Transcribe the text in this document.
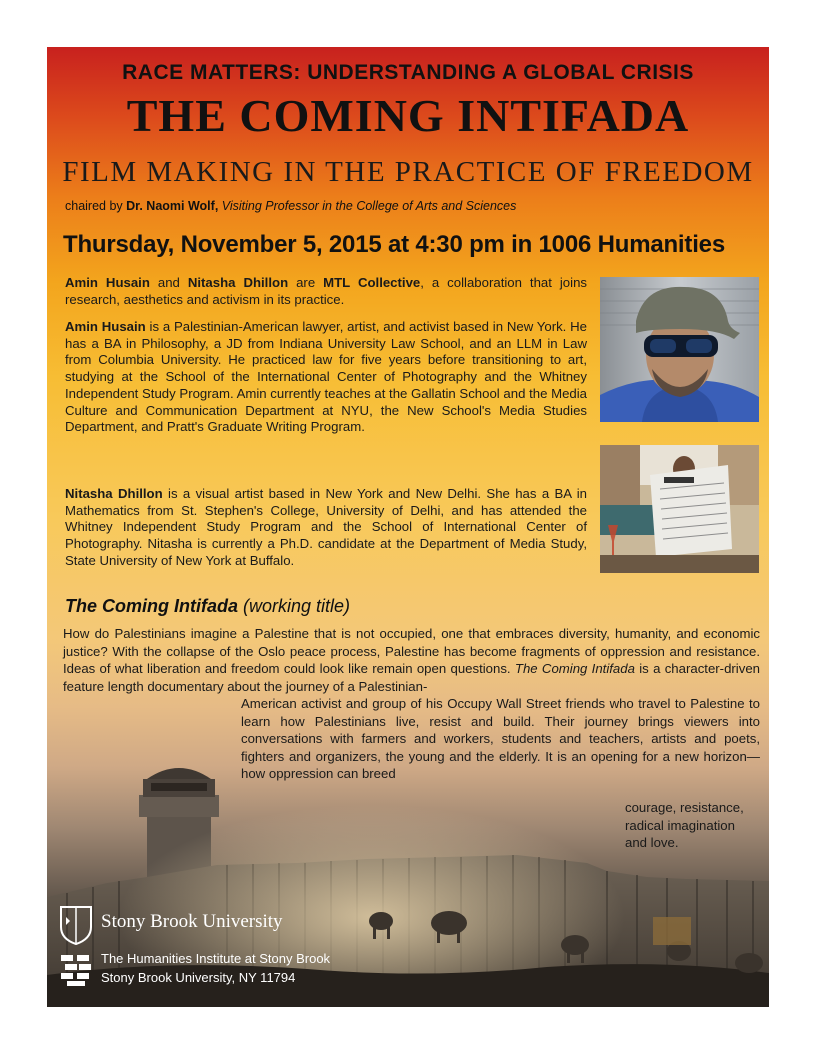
RACE MATTERS: UNDERSTANDING A GLOBAL CRISIS
THE COMING INTIFADA
FILM MAKING IN THE PRACTICE OF FREEDOM
chaired by Dr. Naomi Wolf, Visiting Professor in the College of Arts and Sciences
Thursday, November 5, 2015 at 4:30 pm in 1006 Humanities
Amin Husain and Nitasha Dhillon are MTL Collective, a collaboration that joins research, aesthetics and activism in its practice.
Amin Husain is a Palestinian-American lawyer, artist, and activist based in New York. He has a BA in Philosophy, a JD from Indiana University Law School, and an LLM in Law from Columbia University. He practiced law for five years before transitioning to art, studying at the School of the International Center of Photography and the Whitney Independent Study Program. Amin currently teaches at the Gallatin School and the Media Culture and Communication Department at NYU, the New School's Media Studies Department, and Pratt's Graduate Writing Program.
Nitasha Dhillon is a visual artist based in New York and New Delhi. She has a BA in Mathematics from St. Stephen's College, University of Delhi, and has attended the Whitney Independent Study Program and the School of International Center of Photography. Nitasha is currently a Ph.D. candidate at the Department of Media Study, State University of New York at Buffalo.
The Coming Intifada (working title)
How do Palestinians imagine a Palestine that is not occupied, one that embraces diversity, humanity, and economic justice? With the collapse of the Oslo peace process, Palestine has become fragments of oppression and resistance. Ideas of what liberation and freedom could look like remain open questions. The Coming Intifada is a character-driven feature length documentary about the journey of a Palestinian-
American activist and group of his Occupy Wall Street friends who travel to Palestine to learn how Palestinians live, resist and build. Their journey brings viewers into conversations with farmers and workers, students and teachers, artists and poets, fighters and organizers, the young and the elderly. It is an opening for a new horizon—how oppression can breed
courage, resistance, radical imagination and love.
Stony Brook University
The Humanities Institute at Stony Brook
Stony Brook University, NY 11794
